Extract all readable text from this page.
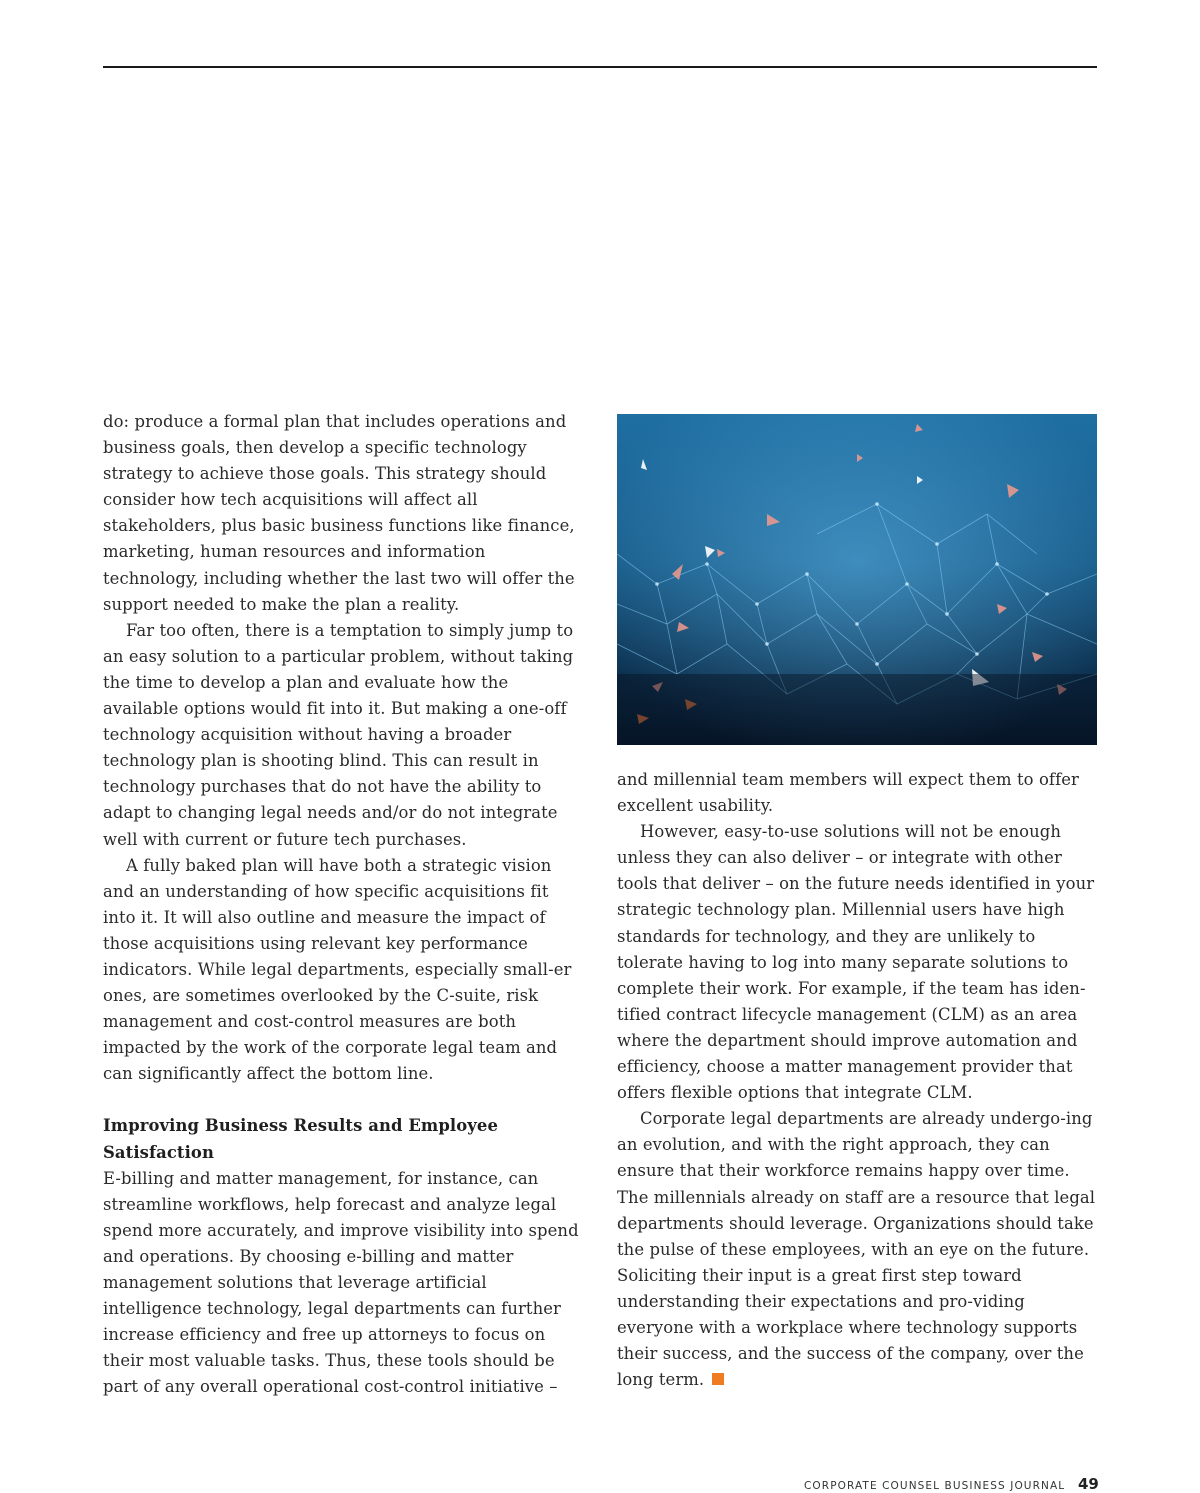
do: produce a formal plan that includes operations and business goals, then develop a specific technology strategy to achieve those goals. This strategy should consider how tech acquisitions will affect all stakeholders, plus basic business functions like finance, marketing, human resources and information technology, including whether the last two will offer the support needed to make the plan a reality.

Far too often, there is a temptation to simply jump to an easy solution to a particular problem, without taking the time to develop a plan and evaluate how the available options would fit into it. But making a one-off technology acquisition without having a broader technology plan is shooting blind. This can result in technology purchases that do not have the ability to adapt to changing legal needs and/or do not integrate well with current or future tech purchases.

A fully baked plan will have both a strategic vision and an understanding of how specific acquisitions fit into it. It will also outline and measure the impact of those acquisitions using relevant key performance indicators. While legal departments, especially small-er ones, are sometimes overlooked by the C-suite, risk management and cost-control measures are both impacted by the work of the corporate legal team and can significantly affect the bottom line.

Improving Business Results and Employee Satisfaction

E-billing and matter management, for instance, can streamline workflows, help forecast and analyze legal spend more accurately, and improve visibility into spend and operations. By choosing e-billing and matter management solutions that leverage artificial intelligence technology, legal departments can further increase efficiency and free up attorneys to focus on their most valuable tasks. Thus, these tools should be part of any overall operational cost-control initiative –

and millennial team members will expect them to offer excellent usability.

However, easy-to-use solutions will not be enough unless they can also deliver – or integrate with other tools that deliver – on the future needs identified in your strategic technology plan. Millennial users have high standards for technology, and they are unlikely to tolerate having to log into many separate solutions to complete their work. For example, if the team has iden-tified contract lifecycle management (CLM) as an area where the department should improve automation and efficiency, choose a matter management provider that offers flexible options that integrate CLM.

Corporate legal departments are already undergo-ing an evolution, and with the right approach, they can ensure that their workforce remains happy over time. The millennials already on staff are a resource that legal departments should leverage. Organizations should take the pulse of these employees, with an eye on the future. Soliciting their input is a great first step toward understanding their expectations and pro-viding everyone with a workplace where technology supports their success, and the success of the company, over the long term.

CORPORATE COUNSEL BUSINESS JOURNAL 49
